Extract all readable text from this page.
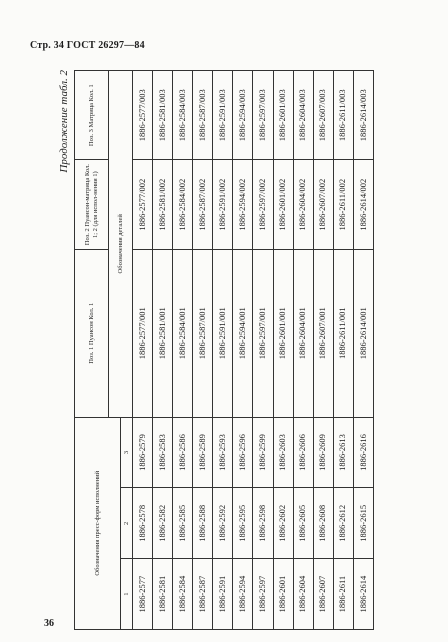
Стр. 34 ГОСТ 26297—84
Продолжение табл. 2
Обозначения пресс-форм исполнений			Поз. 1 Пуансон Кол. 1	Поз. 2 Пуансон-матрица Кол. 1; 2 (для испол-нения 1)	Поз. 3 Матрица Кол. 1
			Обозначения деталей		
1	2	3			
1886-2577	1886-2578	1886-2579	1886-2577/001	1886-2577/002	1886-2577/003
1886-2581	1886-2582	1886-2583	1886-2581/001	1886-2581/002	1886-2581/003
1886-2584	1886-2585	1886-2586	1886-2584/001	1886-2584/002	1886-2584/003
1886-2587	1886-2588	1886-2589	1886-2587/001	1886-2587/002	1886-2587/003
1886-2591	1886-2592	1886-2593	1886-2591/001	1886-2591/002	1886-2591/003
1886-2594	1886-2595	1886-2596	1886-2594/001	1886-2594/002	1886-2594/003
1886-2597	1886-2598	1886-2599	1886-2597/001	1886-2597/002	1886-2597/003
1886-2601	1886-2602	1886-2603	1886-2601/001	1886-2601/002	1886-2601/003
1886-2604	1886-2605	1886-2606	1886-2604/001	1886-2604/002	1886-2604/003
1886-2607	1886-2608	1886-2609	1886-2607/001	1886-2607/002	1886-2607/003
1886-2611	1886-2612	1886-2613	1886-2611/001	1886-2611/002	1886-2611/003
1886-2614	1886-2615	1886-2616	1886-2614/001	1886-2614/002	1886-2614/003
36
